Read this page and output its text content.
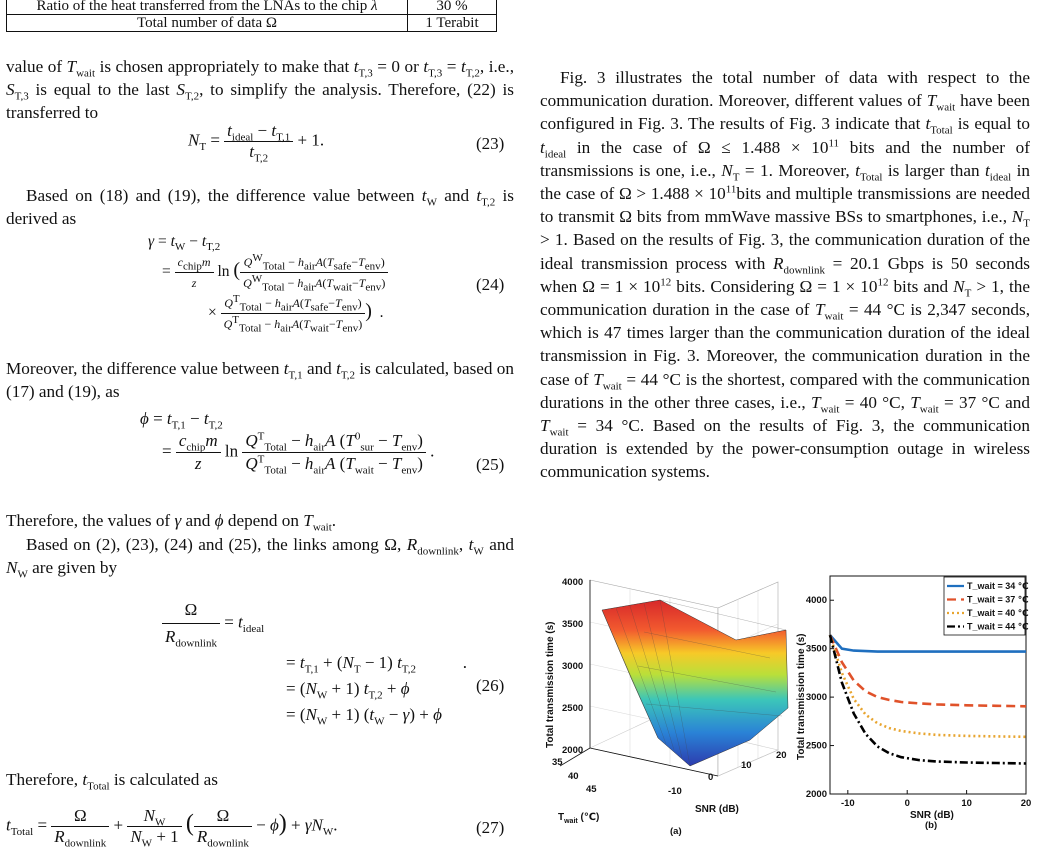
Ratio of the heat transferred from the LNAs to the chip λ	30 %
Total number of data Ω	1 Terabit
value of $T_{wait}$ is chosen appropriately to make that $t_{T,3} = 0$ or $t_{T,3} = t_{T,2}$, i.e., $S_{T,3}$ is equal to the last $S_{T,2}$, to simplify the analysis. Therefore, (22) is transferred to
$N_T = \frac{t_{ideal} - t_{T,1}}{t_{T,2}} + 1$.	(23)
Based on (18) and (19), the difference value between $t_W$ and $t_{T,2}$ is derived as
$\gamma = t_W - t_{T,2}$
= $\frac{c_{chip}m}{z}$ ln ( $\frac{Q^W_{Total} - h_{air}A(T_{safe}-T_{env})}{Q^W_{Total} - h_{air}A(T_{wait}-T_{env})}$
× $\frac{Q^T_{Total} - h_{air}A(T_{safe}-T_{env})}{Q^T_{Total} - h_{air}A(T_{wait}-T_{env})}$ )  .
(24)
Moreover, the difference value between $t_{T,1}$ and $t_{T,2}$ is calculated, based on (17) and (19), as
$\phi = t_{T,1} - t_{T,2}$
= $\frac{c_{chip}m}{z}$ $\ln \frac{Q^T_{Total} - h_{air}A (T^0_{sur} - T_{env})}{Q^T_{Total} - h_{air}A (T_{wait} - T_{env})}$ .
(25)
Therefore, the values of γ and ϕ depend on $T_{wait}$.
Based on (2), (23), (24) and (25), the links among Ω, $R_{downlink}$, $t_W$ and $N_W$ are given by
$\frac{\Omega}{R_{downlink}} = t_{ideal}$
= $t_{T,1} + (N_T - 1)$ $t_{T,2}$           .
= $(N_W + 1) t_{T,2} + \phi$
= $(N_W + 1) (t_W - \gamma) + \phi$
(26)
Therefore, $t_{Total}$ is calculated as
$t_{Total} = \frac{\Omega}{R_{downlink}} + \frac{N_W}{N_W + 1}$ ( $\frac{\Omega}{R_{downlink}} - \phi) + \gamma N_W$.	(27)
Fig. 3 illustrates the total number of data with respect to the communication duration. Moreover, different values of $T_{wait}$ have been configured in Fig. 3. The results of Fig. 3 indicate that $t_{Total}$ is equal to $t_{ideal}$ in the case of $\Omega \le 1.488 \times 10^{11}$ bits and the number of transmissions is one, i.e., $N_T = 1$. Moreover, $t_{Total}$ is larger than $t_{ideal}$ in the case of $\Omega > 1.488 \times 10^{11}bits$ and multiple transmissions are needed to transmit Ω bits from mmWave massive BSs to smartphones, i.e., $N_T > 1$. Based on the results of Fig. 3, the communication duration of the ideal transmission process with $R_{downlink} = 20.1$ Gbps is 50 seconds when $\Omega = 1 \times 10^{12}$ bits. Considering $\Omega = 1 \times 10^{12}$ bits and $N_T > 1$, the communication duration in the case of $T_{wait} = 44$ °C is 2,347 seconds, which is 47 times larger than the communication duration of the ideal transmission in Fig. 3. Moreover, the communication duration in the case of $T_{wait} = 44$ °C is the shortest, compared with the communication durations in the other three cases, i.e., $T_{wait} = 40$ °C, $T_{wait} = 37$ °C and $T_{wait} = 34$ °C. Based on the results of Fig. 3, the communication duration is extended by the power-consumption outage in wireless communication systems.
4000
3500
3000
2500
2000
35
40
45	-10
0
10
20
Total transmission time (s)
SNR (dB)
$T_{wait}$ (℃)
(a)
2000
2500
3000
3500
4000
-10	0	10	20
Total transmission time (s)
SNR (dB)
(b)
T_wait = 34 ℃
T_wait = 37 ℃
T_wait = 40 ℃
T_wait = 44 ℃
